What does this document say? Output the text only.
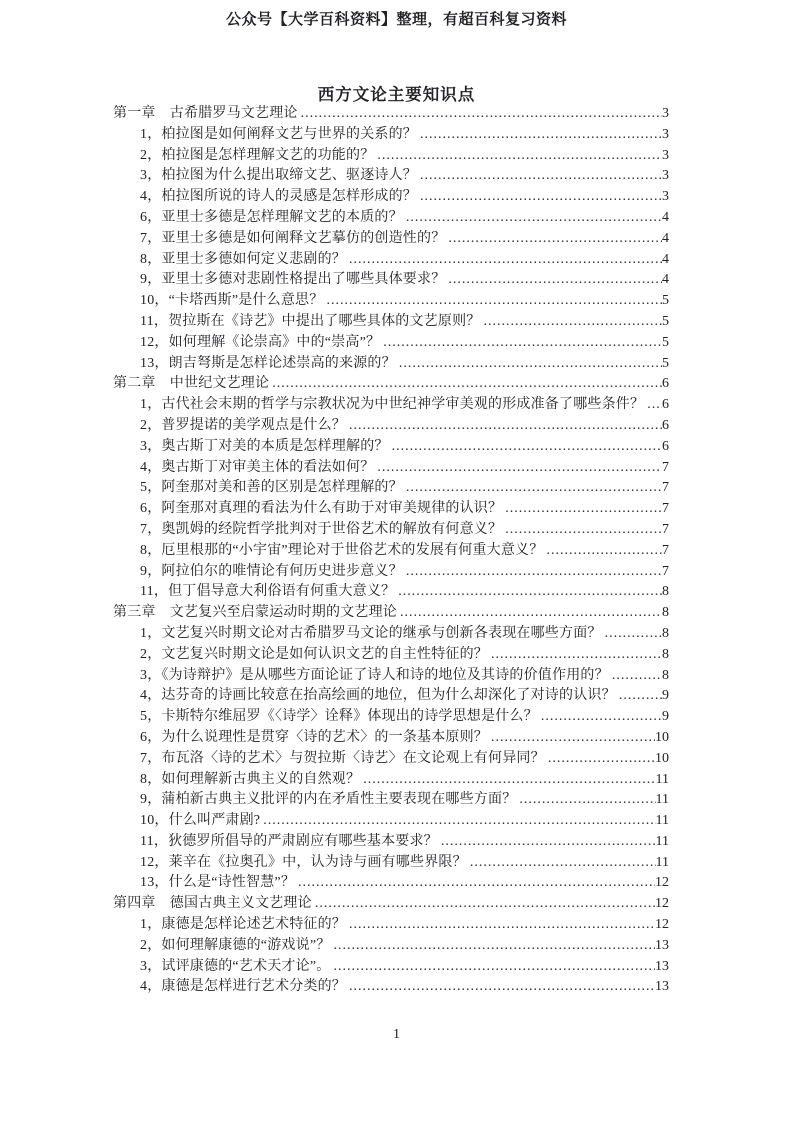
公众号【大学百科资料】整理，有超百科复习资料
西方文论主要知识点
第一章　古希腊罗马文艺理论 .....	3
1，柏拉图是如何阐释文艺与世界的关系的？ .....	3
2，柏拉图是怎样理解文艺的功能的？ .....	3
3，柏拉图为什么提出取缔文艺、驱逐诗人？ .....	3
4，柏拉图所说的诗人的灵感是怎样形成的？ .....	3
6，亚里士多德是怎样理解文艺的本质的？ .....	4
7，亚里士多德是如何阐释文艺摹仿的创造性的？ .....	4
8，亚里士多德如何定义悲剧的？ .....	4
9，亚里士多德对悲剧性格提出了哪些具体要求？ .....	4
10，“卡塔西斯”是什么意思？ .....	5
11，贺拉斯在《诗艺》中提出了哪些具体的文艺原则？ .....	5
12，如何理解《论崇高》中的“崇高”？ .....	5
13，朗吉弩斯是怎样论述崇高的来源的？ .....	5
第二章　中世纪文艺理论 .....	6
1，古代社会末期的哲学与宗教状况为中世纪神学审美观的形成准备了哪些条件？ ..... 6
2，普罗提诺的美学观点是什么？ .....	6
3，奥古斯丁对美的本质是怎样理解的？ .....	6
4，奥古斯丁对审美主体的看法如何？ .....	7
5，阿奎那对美和善的区别是怎样理解的？ .....	7
6，阿奎那对真理的看法为什么有助于对审美规律的认识？ .....	7
7，奥凯姆的经院哲学批判对于世俗艺术的解放有何意义？ .....	7
8，厄里根那的“小宇宙”理论对于世俗艺术的发展有何重大意义？ .....	7
9，阿拉伯尔的唯情论有何历史进步意义？ .....	7
11，但丁倡导意大利俗语有何重大意义？ .....	8
第三章　文艺复兴至启蒙运动时期的文艺理论 .....	8
1，文艺复兴时期文论对古希腊罗马文论的继承与创新各表现在哪些方面？ .....	8
2，文艺复兴时期文论是如何认识文艺的自主性特征的？ .....	8
3，《为诗辩护》是从哪些方面论证了诗人和诗的地位及其诗的价值作用的？ .....	8
4，达芬奇的诗画比较意在抬高绘画的地位，但为什么却深化了对诗的认识？ .....	9
5，卡斯特尔维屈罗《〈诗学〉诠释》体现出的诗学思想是什么？ .....	9
6，为什么说理性是贯穿〈诗的艺术〉的一条基本原则？ .....	10
7，布瓦洛〈诗的艺术〉与贺拉斯〈诗艺〉在文论观上有何异同？ .....	10
8，如何理解新古典主义的自然观？ .....	11
9，蒲柏新古典主义批评的内在矛盾性主要表现在哪些方面？ .....	11
10，什么叫严肃剧? .....	11
11，狄德罗所倡导的严肃剧应有哪些基本要求？ .....	11
12，莱辛在《拉奥孔》中，认为诗与画有哪些界限？ .....	11
13，什么是“诗性智慧”？ .....	12
第四章　德国古典主义文艺理论 .....	12
1，康德是怎样论述艺术特征的？ .....	12
2，如何理解康德的“游戏说”？ .....	13
3，试评康德的“艺术天才论”。 .....	13
4，康德是怎样进行艺术分类的？ .....	13
1
